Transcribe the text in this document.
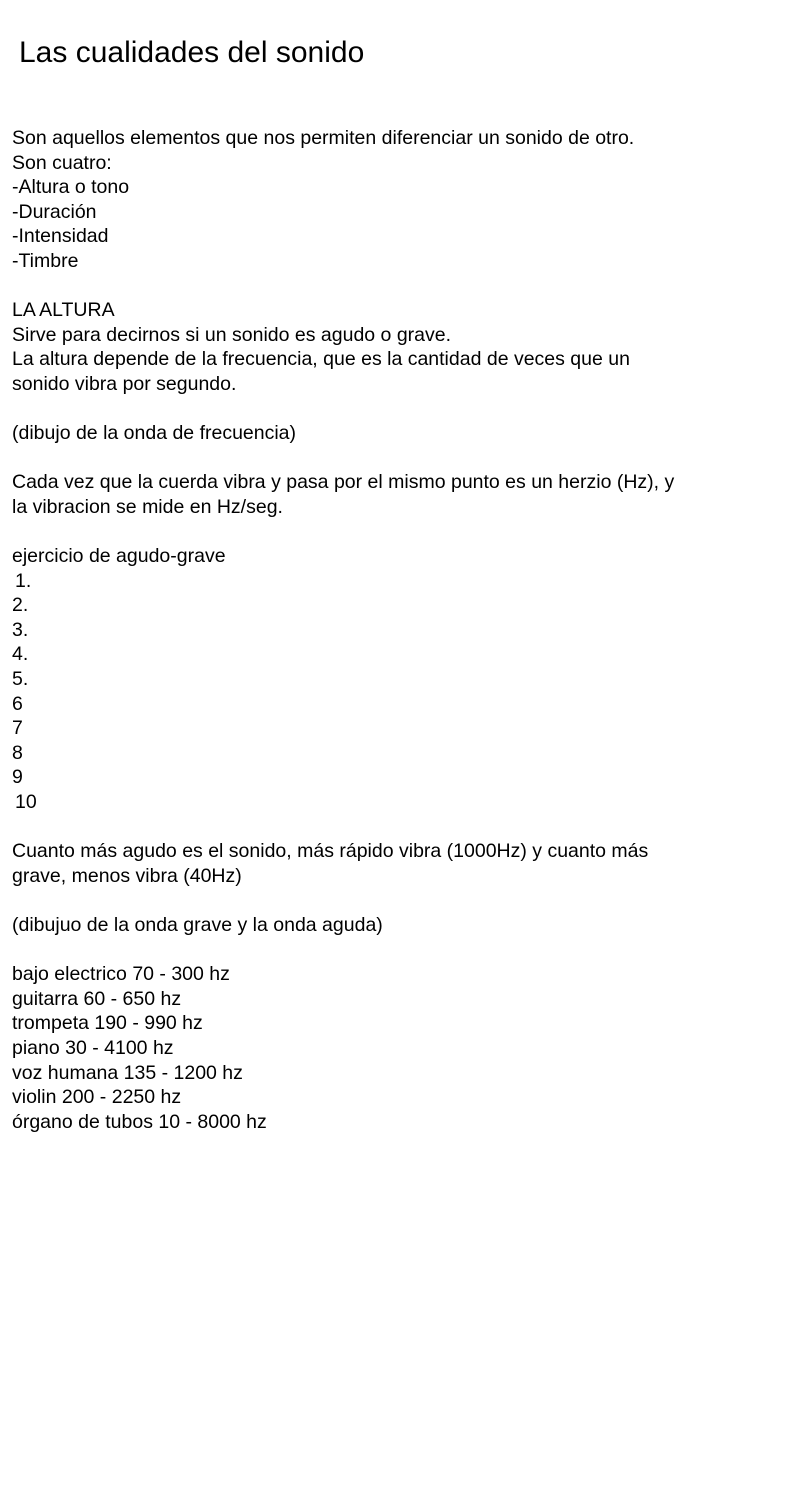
Las cualidades del sonido
Son aquellos elementos que nos permiten diferenciar un sonido de otro.
Son cuatro:
-Altura o tono
-Duración
-Intensidad
-Timbre
LA ALTURA
Sirve para decirnos si un sonido es agudo o grave.
La altura depende de la frecuencia, que es la cantidad de veces que un
sonido vibra por segundo.
(dibujo de la onda de frecuencia)
Cada vez que la cuerda vibra y pasa por el mismo punto es un herzio (Hz), y
la vibracion se mide en Hz/seg.
ejercicio de agudo-grave
1.
2.
3.
4.
5.
6
7
8
9
10
Cuanto más agudo es el sonido, más rápido vibra (1000Hz) y cuanto más
grave, menos vibra (40Hz)
(dibujuo de la onda grave y la onda aguda)
bajo electrico 70 - 300 hz
guitarra 60 - 650 hz
trompeta 190 - 990 hz
piano 30 - 4100 hz
voz humana 135 - 1200 hz
violin 200 - 2250 hz
órgano de tubos 10 - 8000 hz
